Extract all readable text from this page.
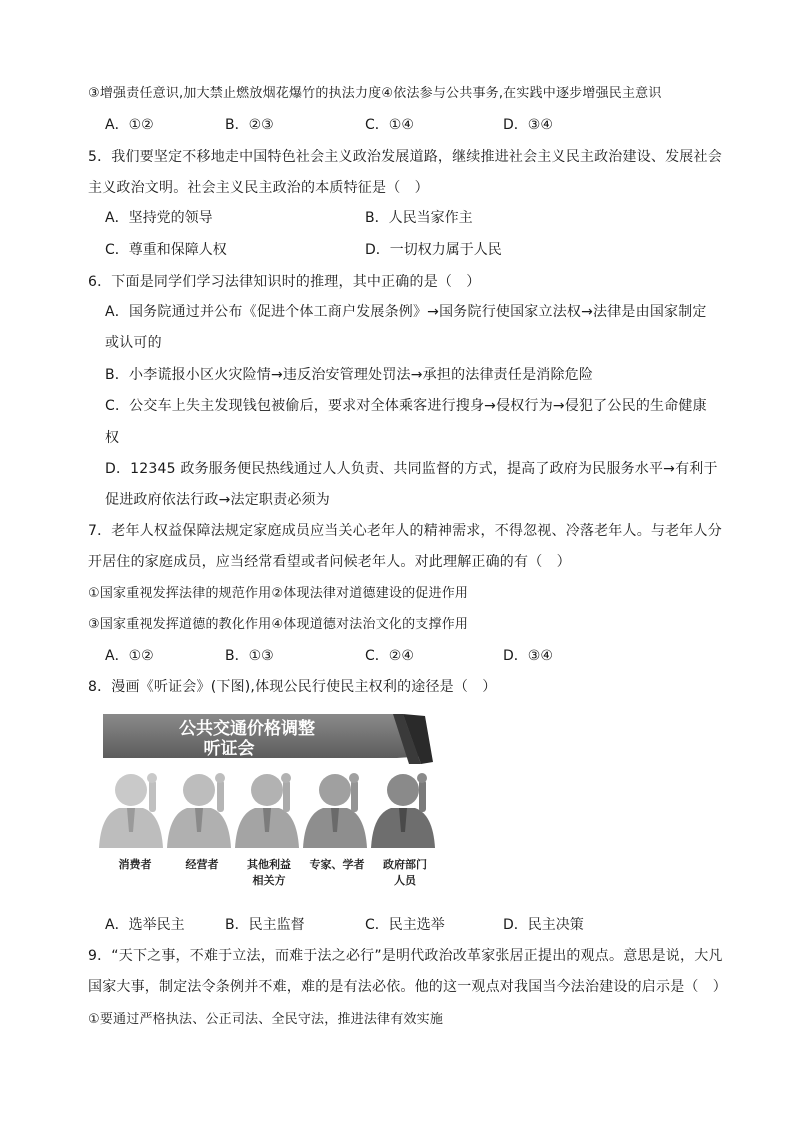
③增强责任意识,加大禁止燃放烟花爆竹的执法力度④依法参与公共事务,在实践中逐步增强民主意识
A．①②	B．②③	C．①④	D．③④
5．我们要坚定不移地走中国特色社会主义政治发展道路，继续推进社会主义民主政治建设、发展社会
主义政治文明。社会主义民主政治的本质特征是（　）
A．坚持党的领导	B．人民当家作主
C．尊重和保障人权	D．一切权力属于人民
6．下面是同学们学习法律知识时的推理，其中正确的是（　）
A．国务院通过并公布《促进个体工商户发展条例》→国务院行使国家立法权→法律是由国家制定
或认可的
B．小李谎报小区火灾险情→违反治安管理处罚法→承担的法律责任是消除危险
C．公交车上失主发现钱包被偷后，要求对全体乘客进行搜身→侵权行为→侵犯了公民的生命健康
权
D．12345 政务服务便民热线通过人人负责、共同监督的方式，提高了政府为民服务水平→有利于
促进政府依法行政→法定职责必须为
7．老年人权益保障法规定家庭成员应当关心老年人的精神需求，不得忽视、冷落老年人。与老年人分
开居住的家庭成员，应当经常看望或者问候老年人。对此理解正确的有（　）
①国家重视发挥法律的规范作用②体现法律对道德建设的促进作用
③国家重视发挥道德的教化作用④体现道德对法治文化的支撑作用
A．①②	B．①③	C．②④	D．③④
8．漫画《听证会》(下图),体现公民行使民主权利的途径是（　）
公共交通价格调整
听证会
消费者	经营者	其他利益
相关方
专家、学者 政府部门
人员
A．选举民主	B．民主监督	C．民主选举	D．民主决策
9．“天下之事，不难于立法，而难于法之必行”是明代政治改革家张居正提出的观点。意思是说，大凡
国家大事，制定法令条例并不难，难的是有法必依。他的这一观点对我国当今法治建设的启示是（　）
①要通过严格执法、公正司法、全民守法，推进法律有效实施
